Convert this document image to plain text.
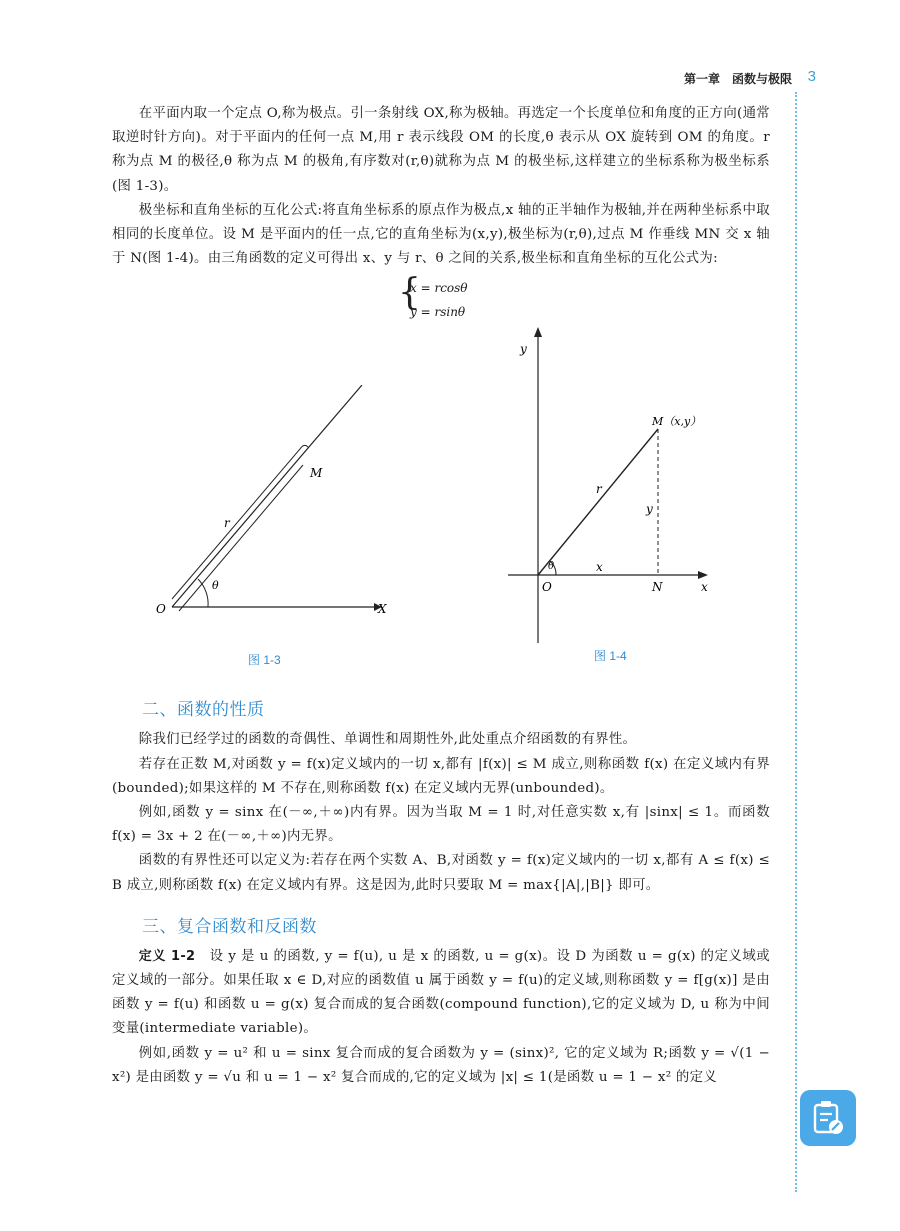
第一章　函数与极限 3

在平面内取一个定点 O,称为极点。引一条射线 OX,称为极轴。再选定一个长度单位和角度的正方向(通常取逆时针方向)。对于平面内的任何一点 M,用 r 表示线段 OM 的长度,θ 表示从 OX 旋转到 OM 的角度。r 称为点 M 的极径,θ 称为点 M 的极角,有序数对(r,θ)就称为点 M 的极坐标,这样建立的坐标系称为极坐标系(图 1-3)。

极坐标和直角坐标的互化公式:将直角坐标系的原点作为极点,x 轴的正半轴作为极轴,并在两种坐标系中取相同的长度单位。设 M 是平面内的任一点,它的直角坐标为(x,y),极坐标为(r,θ),过点 M 作垂线 MN 交 x 轴于 N(图 1-4)。由三角函数的定义可得出 x、y 与 r、θ 之间的关系,极坐标和直角坐标的互化公式为:

{
x = rcosθ
y = rsinθ
O	X
M
r
θ
图 1-3
y
x
O	N
M（x,y）
r
y
x
θ
图 1-4
二、函数的性质

除我们已经学过的函数的奇偶性、单调性和周期性外,此处重点介绍函数的有界性。

若存在正数 M,对函数 y = f(x)定义域内的一切 x,都有 |f(x)| ≤ M 成立,则称函数 f(x) 在定义域内有界(bounded);如果这样的 M 不存在,则称函数 f(x) 在定义域内无界(unbounded)。

例如,函数 y = sinx 在(－∞,＋∞)内有界。因为当取 M = 1 时,对任意实数 x,有 |sinx| ≤ 1。而函数 f(x) = 3x + 2 在(－∞,＋∞)内无界。

函数的有界性还可以定义为:若存在两个实数 A、B,对函数 y = f(x)定义域内的一切 x,都有 A ≤ f(x) ≤ B 成立,则称函数 f(x) 在定义域内有界。这是因为,此时只要取 M = max{|A|,|B|} 即可。

三、复合函数和反函数

定义 1-2　设 y 是 u 的函数, y = f(u), u 是 x 的函数, u = g(x)。设 D 为函数 u = g(x) 的定义域或定义域的一部分。如果任取 x ∈ D,对应的函数值 u 属于函数 y = f(u)的定义域,则称函数 y = f[g(x)] 是由函数 y = f(u) 和函数 u = g(x) 复合而成的复合函数(compound function),它的定义域为 D, u 称为中间变量(intermediate variable)。

例如,函数 y = u² 和 u = sinx 复合而成的复合函数为 y = (sinx)², 它的定义域为 R;函数 y = √(1 − x²) 是由函数 y = √u 和 u = 1 − x² 复合而成的,它的定义域为 |x| ≤ 1(是函数 u = 1 − x² 的定义
